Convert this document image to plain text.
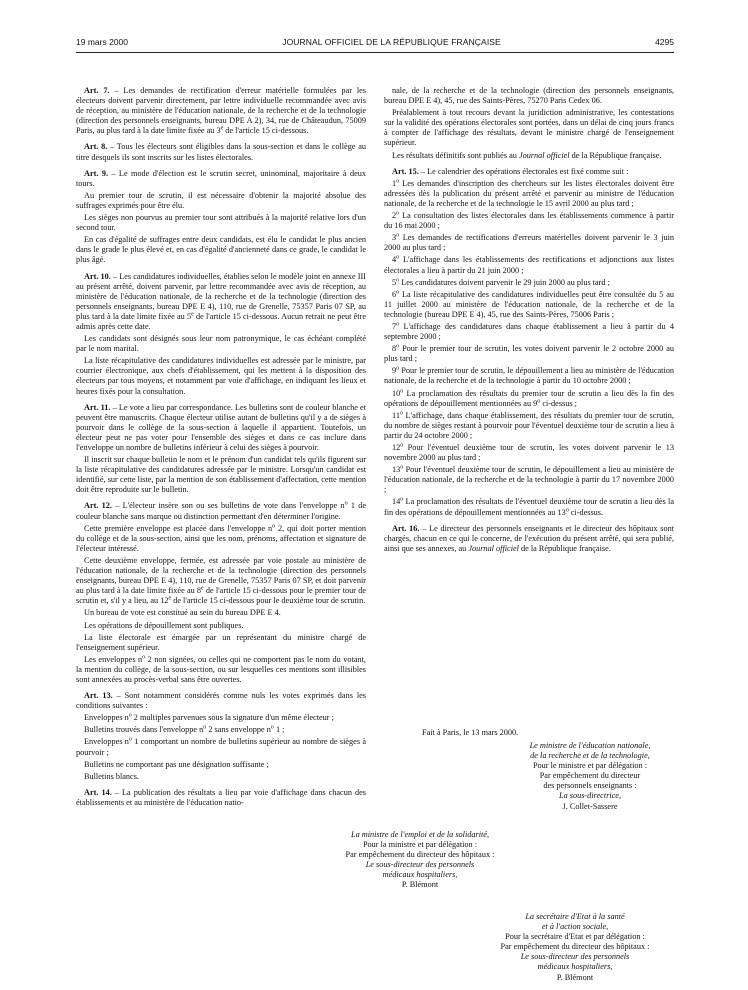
19 mars 2000	JOURNAL OFFICIEL DE LA RÉPUBLIQUE FRANÇAISE	4295

Art. 7. – Les demandes de rectification d'erreur matérielle formulées par les électeurs doivent parvenir directement, par lettre individuelle recommandée avec avis de réception, au ministère de l'éducation nationale, de la recherche et de la technologie (direction des personnels enseignants, bureau DPE A 2), 34, rue de Châteaudun, 75009 Paris, au plus tard à la date limite fixée au 3e de l'article 15 ci-dessous.

Art. 8. – Tous les électeurs sont éligibles dans la sous-section et dans le collège au titre desquels ils sont inscrits sur les listes électorales.

Art. 9. – Le mode d'élection est le scrutin secret, uninominal, majoritaire à deux tours.

Au premier tour de scrutin, il est nécessaire d'obtenir la majorité absolue des suffrages exprimés pour être élu.

Les sièges non pourvus au premier tour sont attribués à la majorité relative lors d'un second tour.

En cas d'égalité de suffrages entre deux candidats, est élu le candidat le plus ancien dans le grade le plus élevé et, en cas d'égalité d'ancienneté dans ce grade, le candidat le plus âgé.

Art. 10. – Les candidatures individuelles, établies selon le modèle joint en annexe III au présent arrêté, doivent parvenir, par lettre recommandée avec avis de réception, au ministère de l'éducation nationale, de la recherche et de la technologie (direction des personnels enseignants, bureau DPE E 4), 110, rue de Grenelle, 75357 Paris 07 SP, au plus tard à la date limite fixée au 5e de l'article 15 ci-dessous. Aucun retrait ne peut être admis après cette date.

Les candidats sont désignés sous leur nom patronymique, le cas échéant complété par le nom marital.

La liste récapitulative des candidatures individuelles est adressée par le ministre, par courrier électronique, aux chefs d'établissement, qui les mettent à la disposition des électeurs par tous moyens, et notamment par voie d'affichage, en indiquant les lieux et heures fixés pour la consultation.

Art. 11. – Le vote a lieu par correspondance. Les bulletins sont de couleur blanche et peuvent être manuscrits. Chaque électeur utilise autant de bulletins qu'il y a de sièges à pourvoir dans le collège de la sous-section à laquelle il appartient. Toutefois, un électeur peut ne pas voter pour l'ensemble des sièges et dans ce cas inclure dans l'enveloppe un nombre de bulletins inférieur à celui des sièges à pourvoir.

Il inscrit sur chaque bulletin le nom et le prénom d'un candidat tels qu'ils figurent sur la liste récapitulative des candidatures adressée par le ministre. Lorsqu'un candidat est identifié, sur cette liste, par la mention de son établissement d'affectation, cette mention doit être reproduite sur le bulletin.

Art. 12. – L'électeur insère son ou ses bulletins de vote dans l'enveloppe $n^o$ 1 de couleur blanche sans marque ou distinction permettant d'en déterminer l'origine.

Cette première enveloppe est placée dans l'enveloppe $n^o$ 2, qui doit porter mention du collège et de la sous-section, ainsi que les nom, prénoms, affectation et signature de l'électeur intéressé.

Cette deuxième enveloppe, fermée, est adressée par voie postale au ministère de l'éducation nationale, de la recherche et de la technologie (direction des personnels enseignants, bureau DPE E 4), 110, rue de Grenelle, 75357 Paris 07 SP, et doit parvenir au plus tard à la date limite fixée au 8e de l'article 15 ci-dessous pour le premier tour de scrutin et, s'il y a lieu, au 12e de l'article 15 ci-dessous pour le deuxième tour de scrutin.

Un bureau de vote est constitué au sein du bureau DPE E 4.

Les opérations de dépouillement sont publiques.

La liste électorale est émargée par un représentant du ministre chargé de l'enseignement supérieur.

Les enveloppes $n^o$ 2 non signées, ou celles qui ne comportent pas le nom du votant, la mention du collège, de la sous-section, ou sur lesquelles ces mentions sont illisibles sont annexées au procès-verbal sans être ouvertes.

Art. 13. – Sont notamment considérés comme nuls les votes exprimés dans les conditions suivantes :

Enveloppes $n^o$ 2 multiples parvenues sous la signature d'un même électeur ;

Bulletins trouvés dans l'enveloppe $n^o$ 2 sans enveloppe $n^o$ 1 ;

Enveloppes $n^o$ 1 comportant un nombre de bulletins supérieur au nombre de sièges à pourvoir ;

Bulletins ne comportant pas une désignation suffisante ;

Bulletins blancs.

Art. 14. – La publication des résultats a lieu par voie d'affichage dans chacun des établissements et au ministère de l'éducation natio-

nale, de la recherche et de la technologie (direction des personnels enseignants, bureau DPE E 4), 45, rue des Saints-Pères, 75270 Paris Cedex 06.

Préalablement à tout recours devant la juridiction administrative, les contestations sur la validité des opérations électorales sont portées, dans un délai de cinq jours francs à compter de l'affichage des résultats, devant le ministre chargé de l'enseignement supérieur.

Les résultats définitifs sont publiés au Journal officiel de la République française.

Art. 15. – Le calendrier des opérations électorales est fixé comme suit :

1$^o$ Les demandes d'inscription des chercheurs sur les listes électorales doivent être adressées dès la publication du présent arrêté et parvenir au ministre de l'éducation nationale, de la recherche et de la technologie le 15 avril 2000 au plus tard ;

2$^o$ La consultation des listes électorales dans les établissements commence à partir du 16 mai 2000 ;

3$^o$ Les demandes de rectifications d'erreurs matérielles doivent parvenir le 3 juin 2000 au plus tard ;

4$^o$ L'affichage dans les établissements des rectifications et adjonctions aux listes électorales a lieu à partir du 21 juin 2000 ;

5$^o$ Les candidatures doivent parvenir le 29 juin 2000 au plus tard ;

6$^o$ La liste récapitulative des candidatures individuelles peut être consultée du 5 au 11 juillet 2000 au ministère de l'éducation nationale, de la recherche et de la technologie (bureau DPE E 4), 45, rue des Saints-Pères, 75006 Paris ;

7$^o$ L'affichage des candidatures dans chaque établissement a lieu à partir du 4 septembre 2000 ;

8$^o$ Pour le premier tour de scrutin, les votes doivent parvenir le 2 octobre 2000 au plus tard ;

9$^o$ Pour le premier tour de scrutin, le dépouillement a lieu au ministère de l'éducation nationale, de la recherche et de la technologie à partir du 10 octobre 2000 ;

10$^o$ La proclamation des résultats du premier tour de scrutin a lieu dès la fin des opérations de dépouillement mentionnées au 9$^o$ ci-dessus ;

11$^o$ L'affichage, dans chaque établissement, des résultats du premier tour de scrutin, du nombre de sièges restant à pourvoir pour l'éventuel deuxième tour de scrutin a lieu à partir du 24 octobre 2000 ;

12$^o$ Pour l'éventuel deuxième tour de scrutin, les votes doivent parvenir le 13 novembre 2000 au plus tard ;

13$^o$ Pour l'éventuel deuxième tour de scrutin, le dépouillement a lieu au ministère de l'éducation nationale, de la recherche et de la technologie à partir du 17 novembre 2000 ;

14$^o$ La proclamation des résultats de l'éventuel deuxième tour de scrutin a lieu dès la fin des opérations de dépouillement mentionnées au 13$^o$ ci-dessus.

Art. 16. – Le directeur des personnels enseignants et le directeur des hôpitaux sont chargés, chacun en ce qui le concerne, de l'exécution du présent arrêté, qui sera publié, ainsi que ses annexes, au Journal officiel de la République française.

Fait à Paris, le 13 mars 2000.
Le ministre de l'éducation nationale,
de la recherche et de la technologie,
Pour le ministre et par délégation :
Par empêchement du directeur
des personnels enseignants :
La sous-directrice,
J. Collet-Sassere
La ministre de l'emploi et de la solidarité,
Pour la ministre et par délégation :
Par empêchement du directeur des hôpitaux :
Le sous-directeur des personnels
médicaux hospitaliers,
P. Blémont
La secrétaire d'Etat à la santé
et à l'action sociale,
Pour la secrétaire d'Etat et par délégation :
Par empêchement du directeur des hôpitaux :
Le sous-directeur des personnels
médicaux hospitaliers,
P. Blémont
